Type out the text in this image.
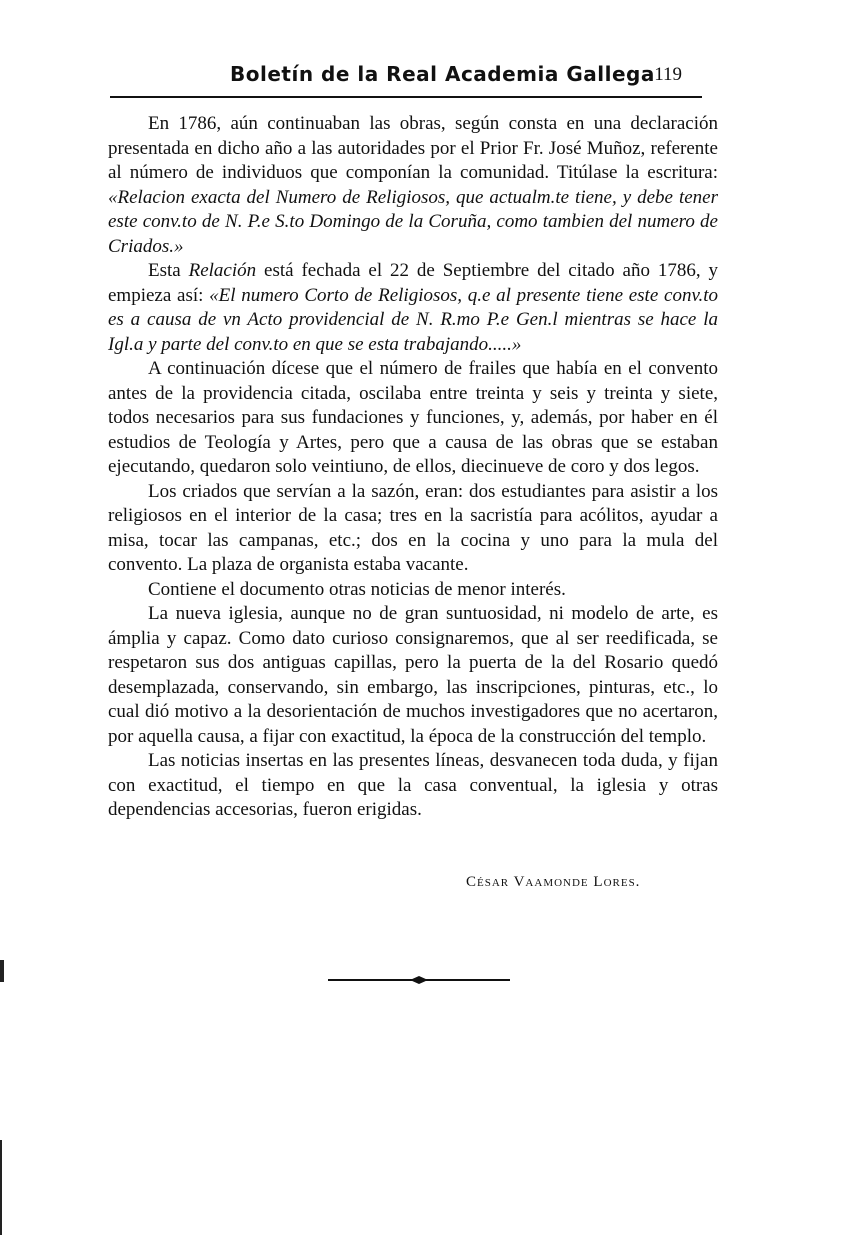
Boletín de la Real Academia Gallega 119

En 1786, aún continuaban las obras, según consta en una declaración presentada en dicho año a las autoridades por el Prior Fr. José Muñoz, referente al número de individuos que componían la comunidad. Titúlase la escritura: «Relacion exacta del Numero de Religiosos, que actualm.te tiene, y debe tener este conv.to de N. P.e S.to Domingo de la Coruña, como tambien del numero de Criados.»

Esta Relación está fechada el 22 de Septiembre del citado año 1786, y empieza así: «El numero Corto de Religiosos, q.e al presente tiene este conv.to es a causa de vn Acto providencial de N. R.mo P.e Gen.l mientras se hace la Igl.a y parte del conv.to en que se esta trabajando.....»

A continuación dícese que el número de frailes que había en el convento antes de la providencia citada, oscilaba entre treinta y seis y treinta y siete, todos necesarios para sus fundaciones y funciones, y, además, por haber en él estudios de Teología y Artes, pero que a causa de las obras que se estaban ejecutando, quedaron solo veintiuno, de ellos, diecinueve de coro y dos legos.

Los criados que servían a la sazón, eran: dos estudiantes para asistir a los religiosos en el interior de la casa; tres en la sacristía para acólitos, ayudar a misa, tocar las campanas, etc.; dos en la cocina y uno para la mula del convento. La plaza de organista estaba vacante.

Contiene el documento otras noticias de menor interés.

La nueva iglesia, aunque no de gran suntuosidad, ni modelo de arte, es ámplia y capaz. Como dato curioso consignaremos, que al ser reedificada, se respetaron sus dos antiguas capillas, pero la puerta de la del Rosario quedó desemplazada, conservando, sin embargo, las inscripciones, pinturas, etc., lo cual dió motivo a la desorientación de muchos investigadores que no acertaron, por aquella causa, a fijar con exactitud, la época de la construcción del templo.

Las noticias insertas en las presentes líneas, desvanecen toda duda, y fijan con exactitud, el tiempo en que la casa conventual, la iglesia y otras dependencias accesorias, fueron erigidas.

César Vaamonde Lores.
